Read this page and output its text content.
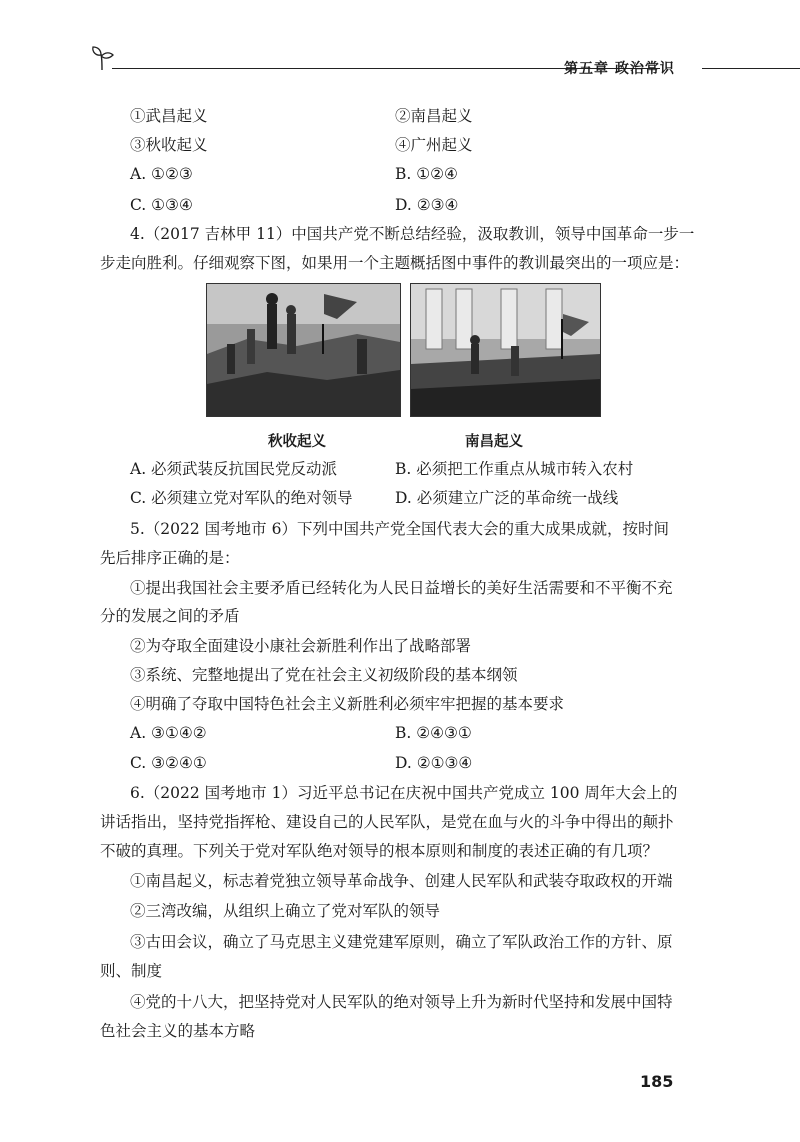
第五章 政治常识
①武昌起义	②南昌起义
③秋收起义	④广州起义
A. ①②③	B. ①②④
C. ①③④	D. ②③④
4.（2017 吉林甲 11）中国共产党不断总结经验，汲取教训，领导中国革命一步一
步走向胜利。仔细观察下图，如果用一个主题概括图中事件的教训最突出的一项应是：
秋收起义	南昌起义
A. 必须武装反抗国民党反动派	B. 必须把工作重点从城市转入农村
C. 必须建立党对军队的绝对领导	D. 必须建立广泛的革命统一战线
5.（2022 国考地市 6）下列中国共产党全国代表大会的重大成果成就，按时间
先后排序正确的是：
①提出我国社会主要矛盾已经转化为人民日益增长的美好生活需要和不平衡不充
分的发展之间的矛盾
②为夺取全面建设小康社会新胜利作出了战略部署
③系统、完整地提出了党在社会主义初级阶段的基本纲领
④明确了夺取中国特色社会主义新胜利必须牢牢把握的基本要求
A. ③①④②	B. ②④③①
C. ③②④①	D. ②①③④
6.（2022 国考地市 1）习近平总书记在庆祝中国共产党成立 100 周年大会上的
讲话指出，坚持党指挥枪、建设自己的人民军队，是党在血与火的斗争中得出的颠扑
不破的真理。下列关于党对军队绝对领导的根本原则和制度的表述正确的有几项？
①南昌起义，标志着党独立领导革命战争、创建人民军队和武装夺取政权的开端
②三湾改编，从组织上确立了党对军队的领导
③古田会议，确立了马克思主义建党建军原则，确立了军队政治工作的方针、原
则、制度
④党的十八大，把坚持党对人民军队的绝对领导上升为新时代坚持和发展中国特
色社会主义的基本方略
185
